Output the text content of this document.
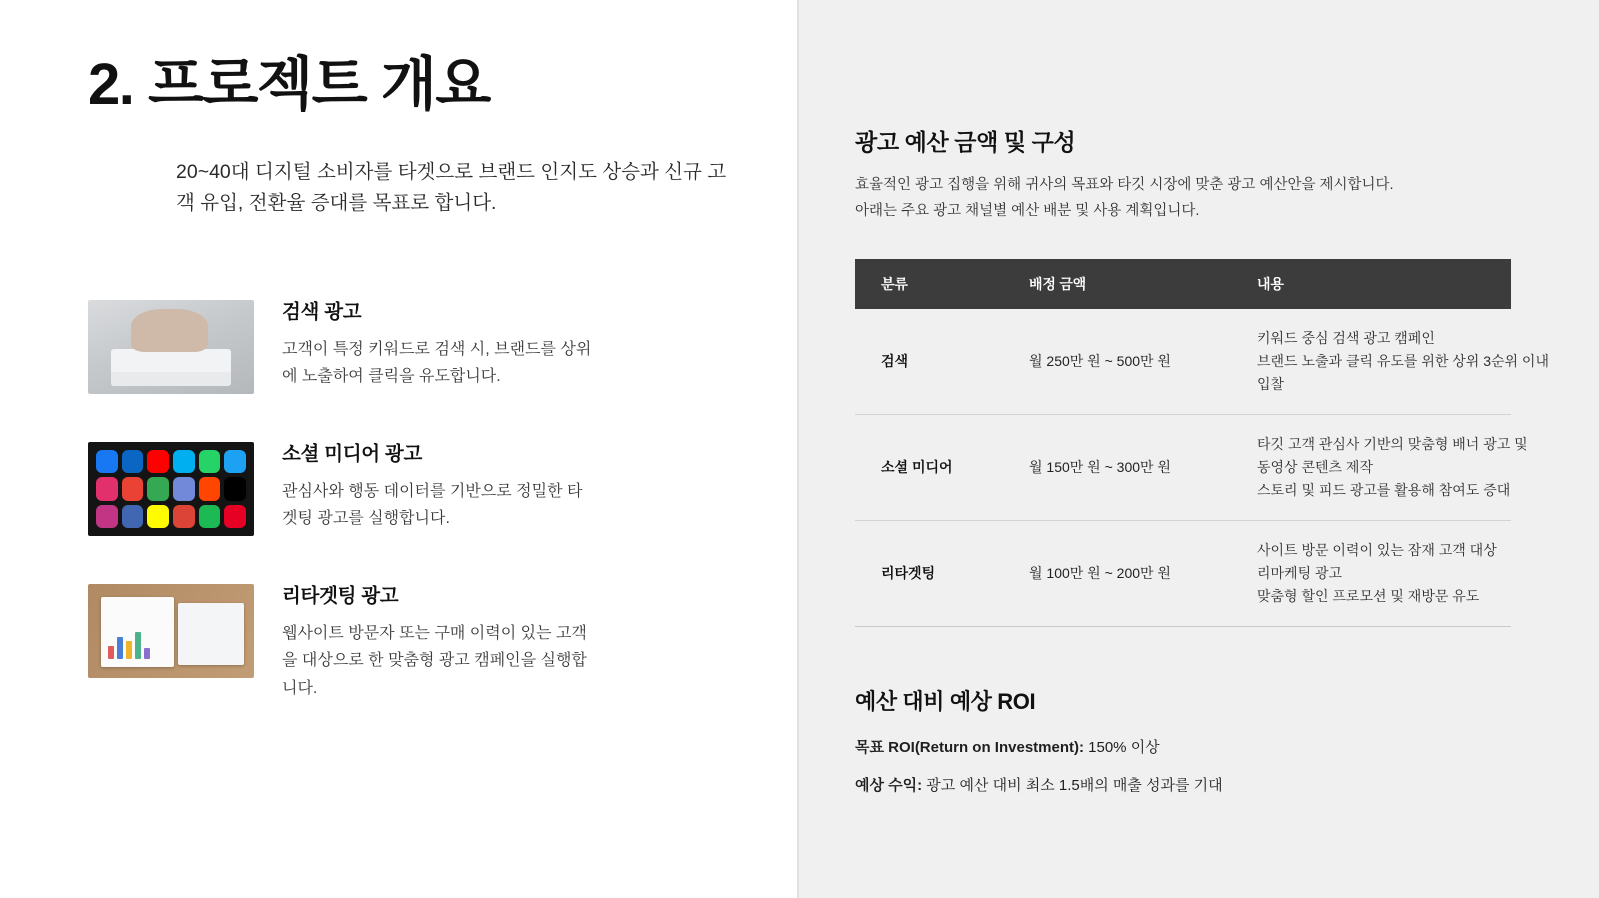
2. 프로젝트 개요

20~40대 디지털 소비자를 타겟으로 브랜드 인지도 상승과 신규 고객 유입, 전환율 증대를 목표로 합니다.

검색 광고

고객이 특정 키워드로 검색 시, 브랜드를 상위에 노출하여 클릭을 유도합니다.

소셜 미디어 광고

관심사와 행동 데이터를 기반으로 정밀한 타겟팅 광고를 실행합니다.

리타겟팅 광고

웹사이트 방문자 또는 구매 이력이 있는 고객을 대상으로 한 맞춤형 광고 캠페인을 실행합니다.

광고 예산 금액 및 구성

효율적인 광고 집행을 위해 귀사의 목표와 타깃 시장에 맞춘 광고 예산안을 제시합니다.
아래는 주요 광고 채널별 예산 배분 및 사용 계획입니다.

분류	배정 금액	내용
검색	월 250만 원 ~ 500만 원	키워드 중심 검색 광고 캠페인
브랜드 노출과 클릭 유도를 위한 상위 3순위 이내
입찰

소셜 미디어	월 150만 원 ~ 300만 원	타깃 고객 관심사 기반의 맞춤형 배너 광고 및
동영상 콘텐츠 제작
스토리 및 피드 광고를 활용해 참여도 증대

리타겟팅	월 100만 원 ~ 200만 원	사이트 방문 이력이 있는 잠재 고객 대상
리마케팅 광고
맞춤형 할인 프로모션 및 재방문 유도
예산 대비 예상 ROI

목표 ROI(Return on Investment): 150% 이상

예상 수익: 광고 예산 대비 최소 1.5배의 매출 성과를 기대
